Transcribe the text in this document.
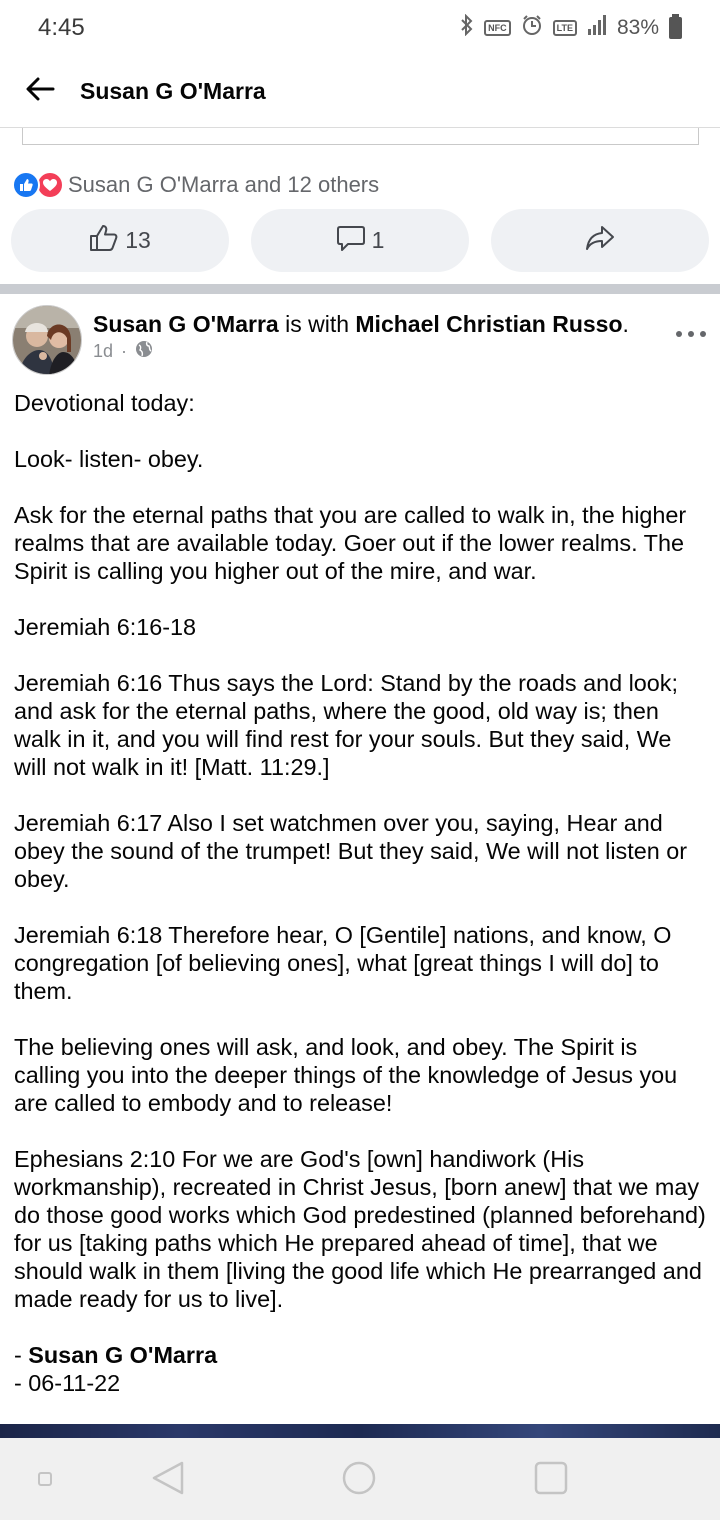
4:45	NFC	LTE 83%
Susan G O'Marra
Susan G O'Marra and 12 others
13	1
Susan G O'Marra is with Michael Christian Russo.
1d ·

Devotional today:

Look- listen- obey.

Ask for the eternal paths that you are called to walk in, the higher realms that are available today. Goer out if the lower realms. The Spirit is calling you higher out of the mire, and war.

Jeremiah 6:16-18

Jeremiah 6:16 Thus says the Lord: Stand by the roads and look; and ask for the eternal paths, where the good, old way is; then walk in it, and you will find rest for your souls. But they said, We will not walk in it! [Matt. 11:29.]

Jeremiah 6:17 Also I set watchmen over you, saying, Hear and obey the sound of the trumpet! But they said, We will not listen or obey.

Jeremiah 6:18 Therefore hear, O [Gentile] nations, and know, O congregation [of believing ones], what [great things I will do] to them.

The believing ones will ask, and look, and obey. The Spirit is calling you into the deeper things of the knowledge of Jesus you are called to embody and to release!

Ephesians 2:10 For we are God's [own] handiwork (His workmanship), recreated in Christ Jesus, [born anew] that we may do those good works which God predestined (planned beforehand) for us [taking paths which He prepared ahead of time], that we should walk in them [living the good life which He prearranged and made ready for us to live].

- Susan G O'Marra
- 06-11-22
